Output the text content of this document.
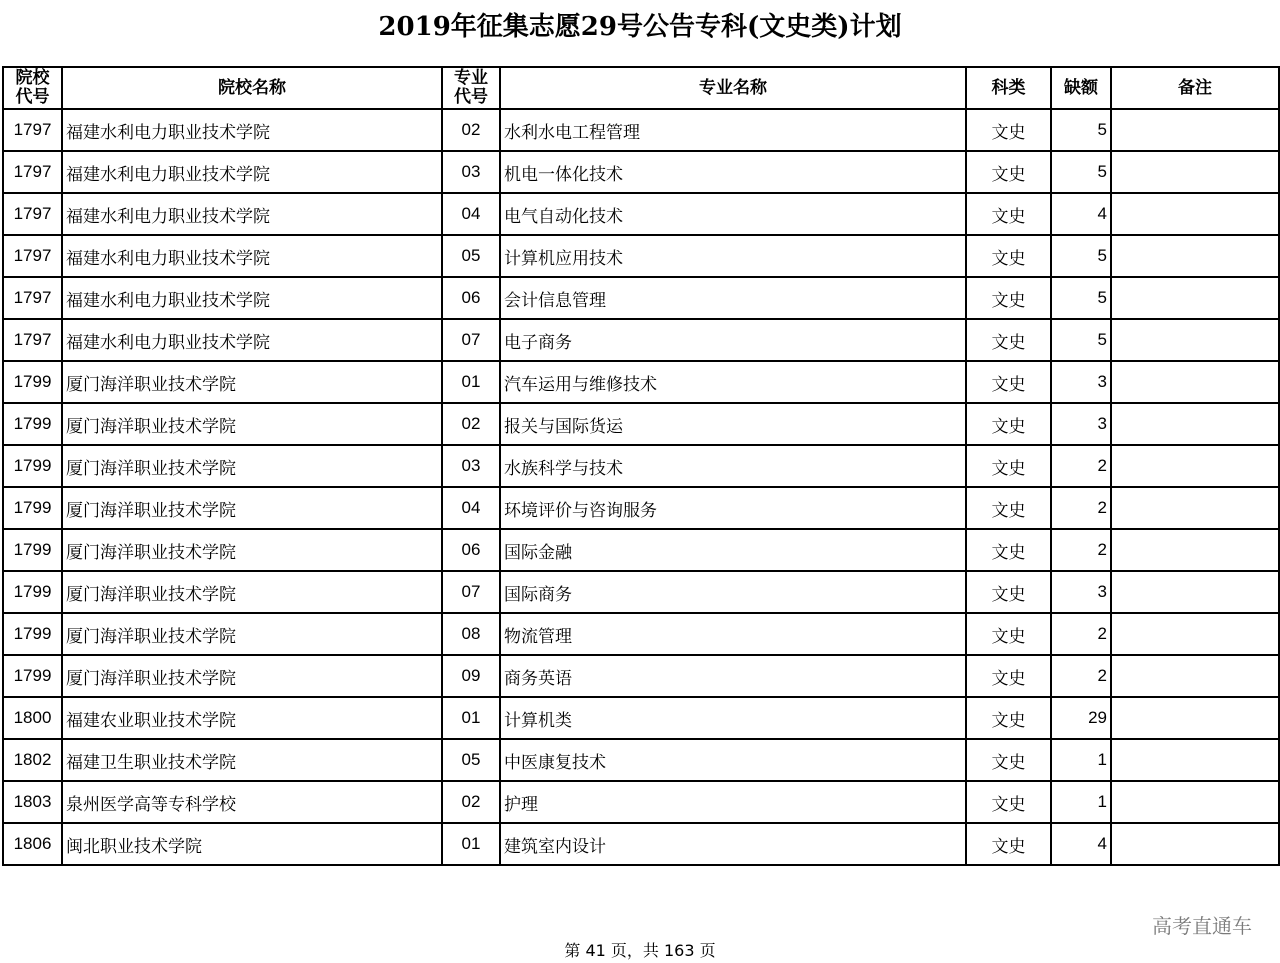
2019年征集志愿29号公告专科(文史类)计划
院校代号	院校名称	专业代号	专业名称	科类	缺额	备注
1797	福建水利电力职业技术学院	02	水利水电工程管理	文史	5	
1797	福建水利电力职业技术学院	03	机电一体化技术	文史	5	
1797	福建水利电力职业技术学院	04	电气自动化技术	文史	4	
1797	福建水利电力职业技术学院	05	计算机应用技术	文史	5	
1797	福建水利电力职业技术学院	06	会计信息管理	文史	5	
1797	福建水利电力职业技术学院	07	电子商务	文史	5	
1799	厦门海洋职业技术学院	01	汽车运用与维修技术	文史	3	
1799	厦门海洋职业技术学院	02	报关与国际货运	文史	3	
1799	厦门海洋职业技术学院	03	水族科学与技术	文史	2	
1799	厦门海洋职业技术学院	04	环境评价与咨询服务	文史	2	
1799	厦门海洋职业技术学院	06	国际金融	文史	2	
1799	厦门海洋职业技术学院	07	国际商务	文史	3	
1799	厦门海洋职业技术学院	08	物流管理	文史	2	
1799	厦门海洋职业技术学院	09	商务英语	文史	2	
1800	福建农业职业技术学院	01	计算机类	文史	29	
1802	福建卫生职业技术学院	05	中医康复技术	文史	1	
1803	泉州医学高等专科学校	02	护理	文史	1	
1806	闽北职业技术学院	01	建筑室内设计	文史	4	
高考直通车
第 41 页，共 163 页
